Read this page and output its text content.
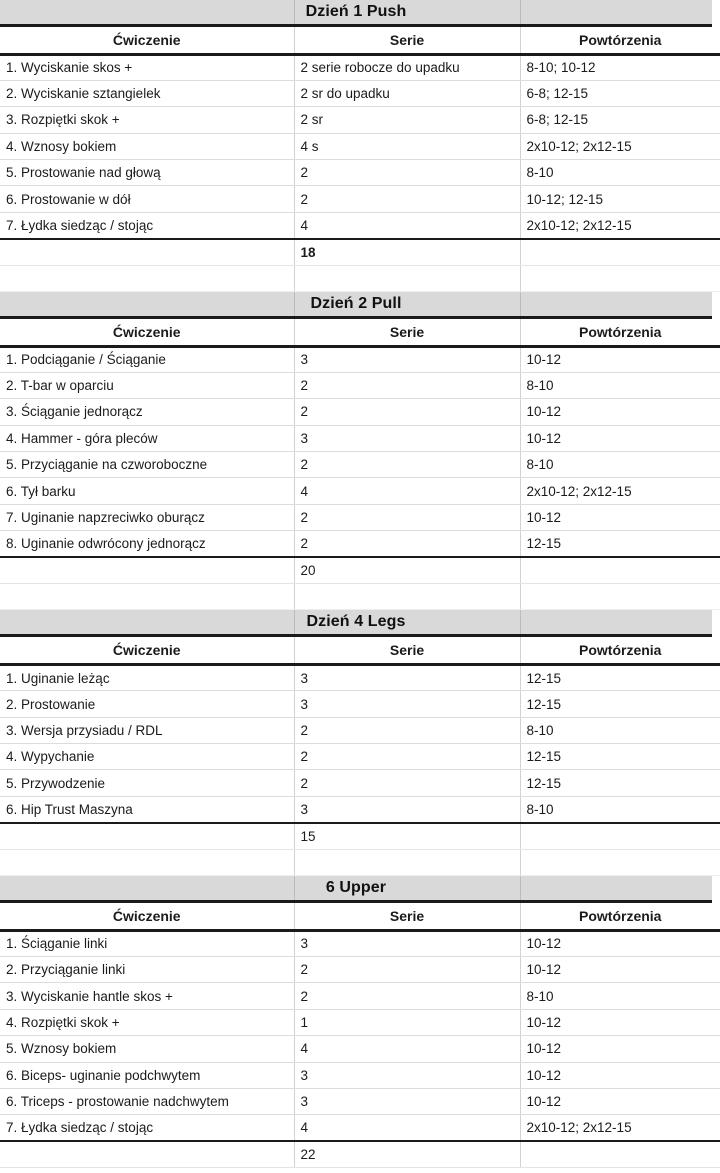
Dzień 1 Push
Ćwiczenie	Serie	Powtórzenia
1. Wyciskanie skos +	2 serie robocze do upadku	8-10; 10-12
2. Wyciskanie sztangielek	2 sr do upadku	6-8; 12-15
3. Rozpiętki skok +	2 sr	6-8; 12-15
4. Wznosy bokiem	4 s	2x10-12; 2x12-15
5. Prostowanie nad głową	2	8-10
6. Prostowanie w dół	2	10-12; 12-15
7. Łydka siedząc / stojąc	4	2x10-12; 2x12-15
	18	

Dzień 2 Pull
Ćwiczenie	Serie	Powtórzenia
1. Podciąganie / Ściąganie	3	10-12
2. T-bar w oparciu	2	8-10
3. Ściąganie jednorącz	2	10-12
4. Hammer - góra pleców	3	10-12
5. Przyciąganie na czworoboczne	2	8-10
6. Tył barku	4	2x10-12; 2x12-15
7. Uginanie napzreciwko oburącz	2	10-12
8. Uginanie odwrócony jednorącz	2	12-15
	20	

Dzień 4 Legs
Ćwiczenie	Serie	Powtórzenia
1. Uginanie leżąc	3	12-15
2. Prostowanie	3	12-15
3. Wersja przysiadu / RDL	2	8-10
4. Wypychanie	2	12-15
5. Przywodzenie	2	12-15
6. Hip Trust Maszyna	3	8-10
	15	

6 Upper
Ćwiczenie	Serie	Powtórzenia
1. Ściąganie linki	3	10-12
2. Przyciąganie linki	2	10-12
3. Wyciskanie hantle skos +	2	8-10
4. Rozpiętki skok +	1	10-12
5. Wznosy bokiem	4	10-12
6. Biceps- uginanie podchwytem	3	10-12
6. Triceps - prostowanie nadchwytem	3	10-12
7. Łydka siedząc / stojąc	4	2x10-12; 2x12-15
	22	
